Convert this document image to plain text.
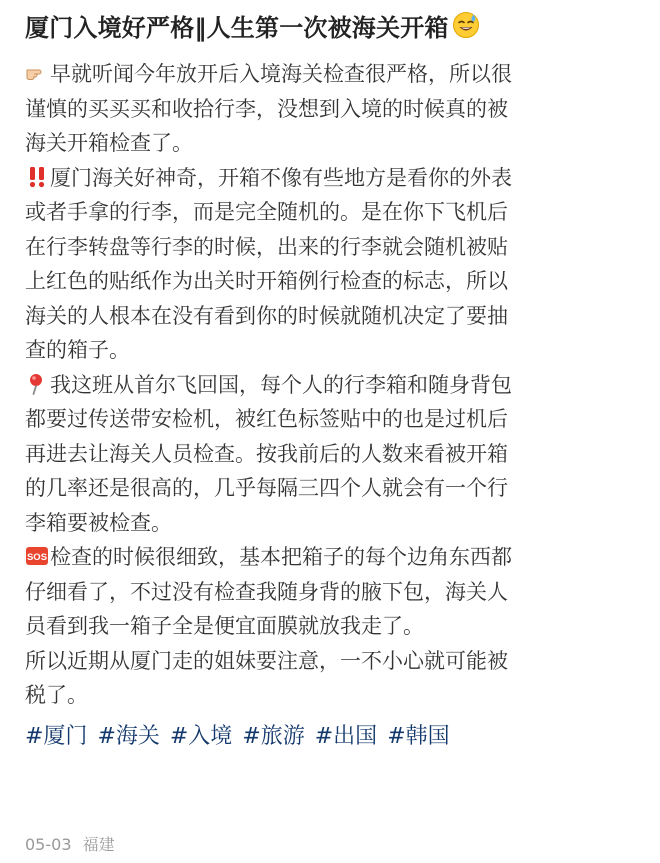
厦门入境好严格‖人生第一次被海关开箱
早就听闻今年放开后入境海关检查很严格，所以很
谨慎的买买买和收拾行李，没想到入境的时候真的被
海关开箱检查了。
厦门海关好神奇，开箱不像有些地方是看你的外表
或者手拿的行李，而是完全随机的。是在你下飞机后
在行李转盘等行李的时候，出来的行李就会随机被贴
上红色的贴纸作为出关时开箱例行检查的标志，所以
海关的人根本在没有看到你的时候就随机决定了要抽
查的箱子。
我这班从首尔飞回国，每个人的行李箱和随身背包
都要过传送带安检机，被红色标签贴中的也是过机后
再进去让海关人员检查。按我前后的人数来看被开箱
的几率还是很高的，几乎每隔三四个人就会有一个行
李箱要被检查。
SOS 检查的时候很细致，基本把箱子的每个边角东西都
仔细看了，不过没有检查我随身背的腋下包，海关人
员看到我一箱子全是便宜面膜就放我走了。
所以近期从厦门走的姐妹要注意，一不小心就可能被
税了。
#厦门 #海关 #入境 #旅游 #出国 #韩国
05-03 福建
